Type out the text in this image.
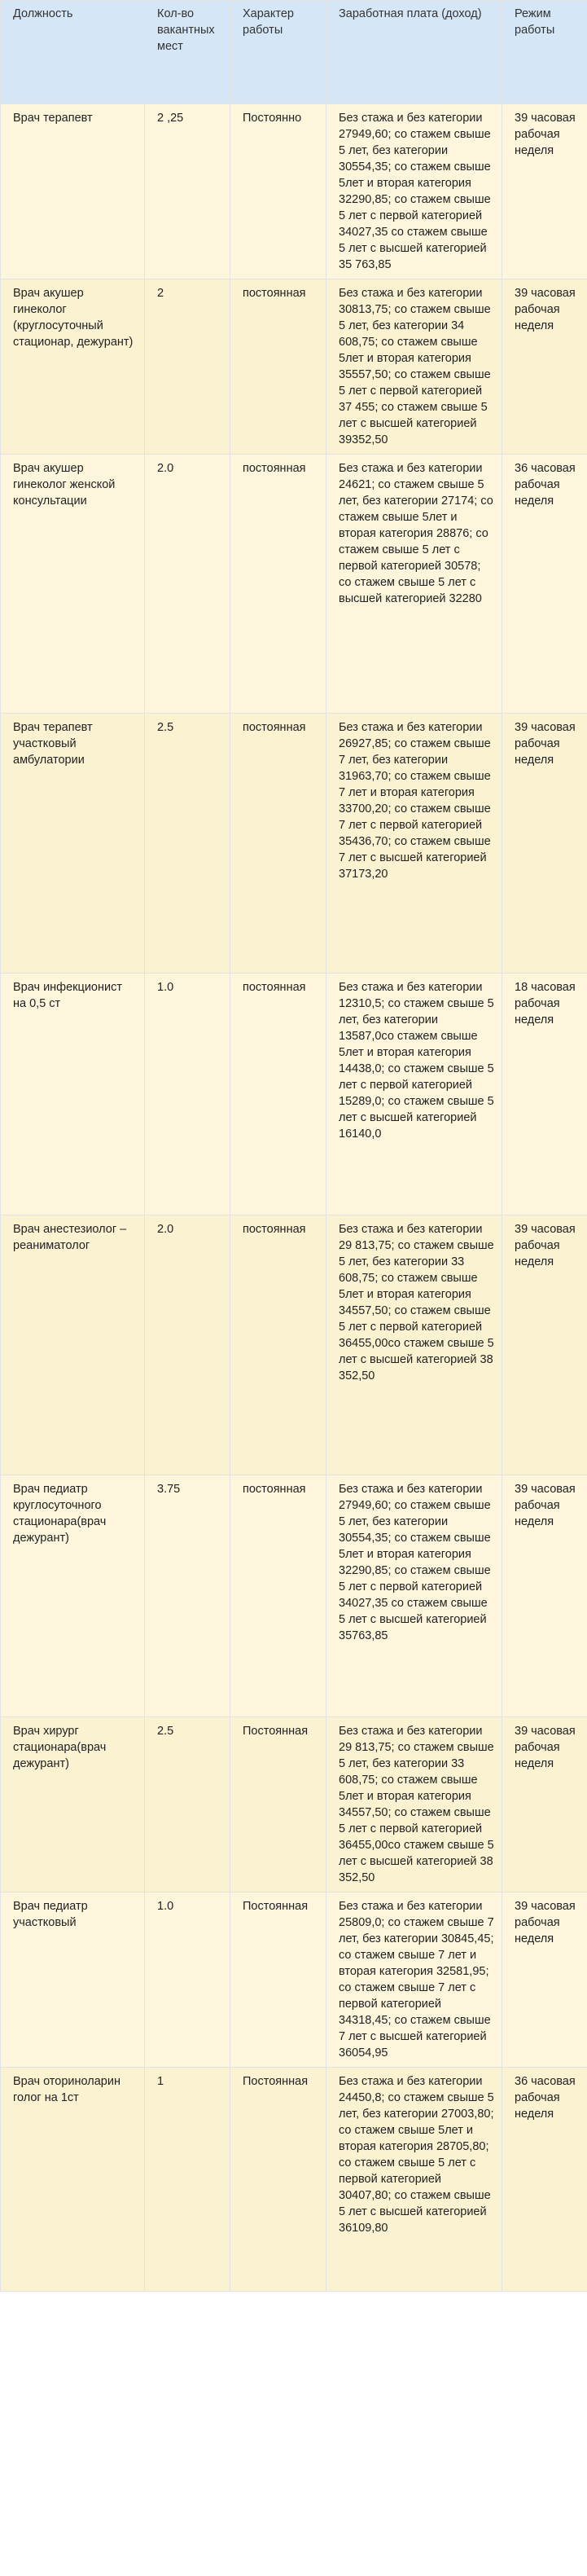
Должность	Кол-во вакантных мест	Характер работы	Заработная плата (доход)	Режим работы
Врач терапевт	2 ,25	Постоянно	Без стажа и без категории 27949,60; со стажем свыше 5 лет, без категории 30554,35; со стажем свыше 5лет и вторая категория 32290,85; со стажем свыше 5 лет с первой категорией 34027,35 со стажем свыше 5 лет с высшей категорией 35 763,85	39 часовая рабочая неделя
Врач акушер гинеколог (круглосуточный стационар, дежурант)	2	постоянная	Без стажа и без категории 30813,75; со стажем свыше 5 лет, без категории 34 608,75; со стажем свыше 5лет и вторая категория 35557,50; со стажем свыше 5 лет с первой категорией 37 455; со стажем свыше 5 лет с высшей категорией 39352,50	39 часовая рабочая неделя
Врач акушер гинеколог женской консультации	2.0	постоянная	Без стажа и без категории 24621; со стажем свыше 5 лет, без категории 27174; со стажем свыше 5лет и вторая категория 28876; со стажем свыше 5 лет с первой категорией 30578; со стажем свыше 5 лет с высшей категорией 32280	36 часовая рабочая неделя
Врач терапевт участковый амбулатории	2.5	постоянная	Без стажа и без категории 26927,85; со стажем свыше 7 лет, без категории 31963,70; со стажем свыше 7 лет и вторая категория 33700,20; со стажем свыше 7 лет с первой категорией 35436,70; со стажем свыше 7 лет с высшей категорией 37173,20	39 часовая рабочая неделя
Врач инфекционист на 0,5 ст	1.0	постоянная	Без стажа и без категории 12310,5; со стажем свыше 5 лет, без категории 13587,0со стажем свыше 5лет и вторая категория 14438,0; со стажем свыше 5 лет с первой категорией 15289,0; со стажем свыше 5 лет с высшей категорией 16140,0	18 часовая рабочая неделя
Врач анестезиолог – реаниматолог	2.0	постоянная	Без стажа и без категории 29 813,75; со стажем свыше 5 лет, без категории 33 608,75; со стажем свыше 5лет и вторая категория 34557,50; со стажем свыше 5 лет с первой категорией 36455,00со стажем свыше 5 лет с высшей категорией 38 352,50	39 часовая рабочая неделя
Врач педиатр круглосуточного стационара(врач дежурант)	3.75	постоянная	Без стажа и без категории 27949,60; со стажем свыше 5 лет, без категории 30554,35; со стажем свыше 5лет и вторая категория 32290,85; со стажем свыше 5 лет с первой категорией 34027,35 со стажем свыше 5 лет с высшей категорией 35763,85	39 часовая рабочая неделя
Врач хирург стационара(врач дежурант)	2.5	Постоянная	Без стажа и без категории 29 813,75; со стажем свыше 5 лет, без категории 33 608,75; со стажем свыше 5лет и вторая категория 34557,50; со стажем свыше 5 лет с первой категорией 36455,00со стажем свыше 5 лет с высшей категорией 38 352,50	39 часовая рабочая неделя
Врач педиатр участковый	1.0	Постоянная	Без стажа и без категории 25809,0; со стажем свыше 7 лет, без категории 30845,45; со стажем свыше 7 лет и вторая категория 32581,95; со стажем свыше 7 лет с первой категорией 34318,45; со стажем свыше 7 лет с высшей категорией 36054,95	39 часовая рабочая неделя
Врач оториноларин голог на 1ст	1	Постоянная	Без стажа и без категории 24450,8; со стажем свыше 5 лет, без категории 27003,80; со стажем свыше 5лет и вторая категория 28705,80; со стажем свыше 5 лет с первой категорией 30407,80; со стажем свыше 5 лет с высшей категорией 36109,80	36 часовая рабочая неделя
